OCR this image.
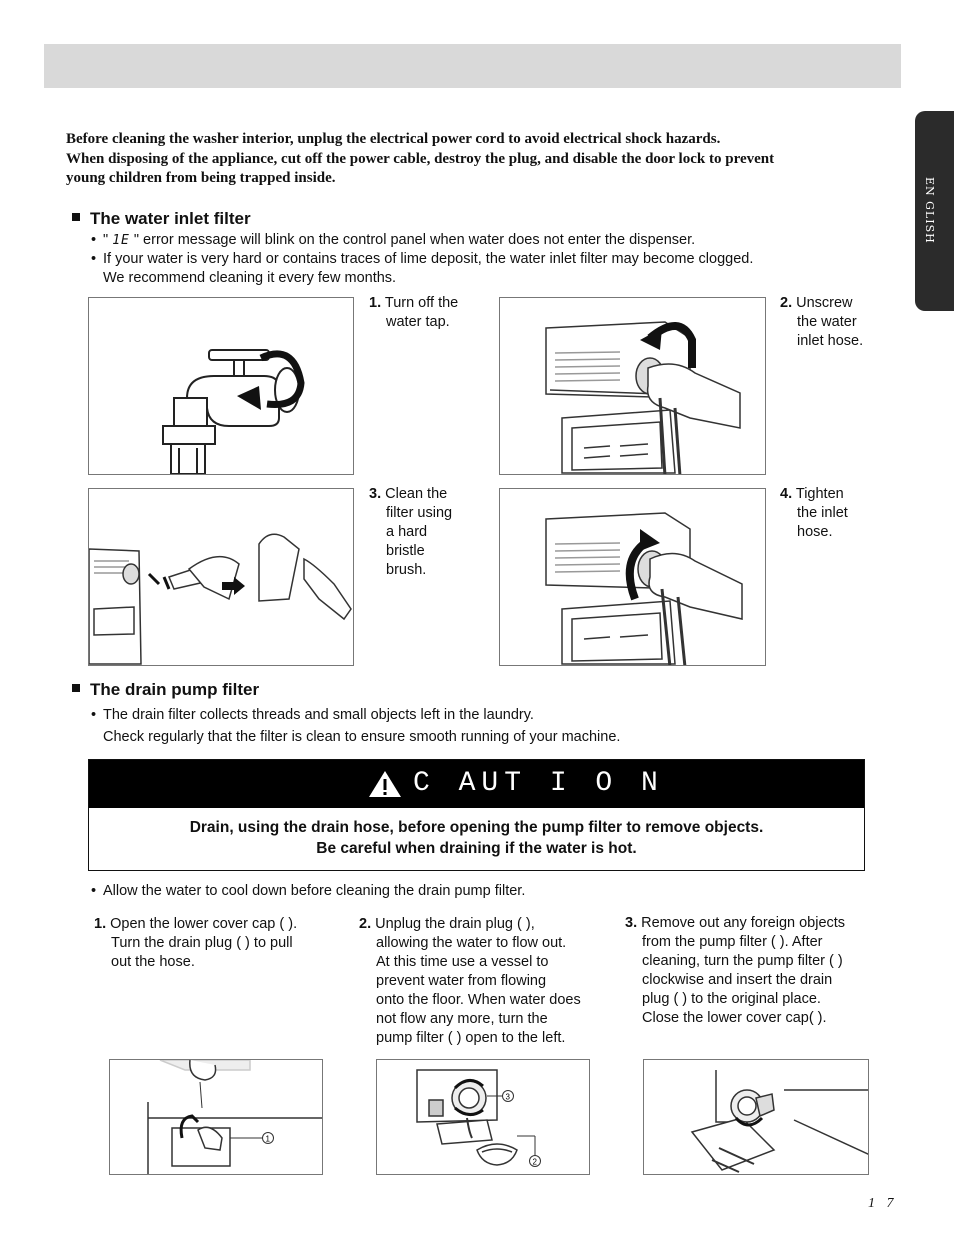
EN GLISH

Before cleaning the washer interior, unplug the electrical power cord to avoid electrical shock hazards.

When disposing of the appliance, cut off the power cable, destroy the plug, and disable the door lock to prevent

young children from being trapped inside.

The water inlet filter
• " 1E " error message will blink on the control panel when water does not enter the dispenser.
• If your water is very hard or contains traces of lime deposit, the water inlet filter may become clogged.
We recommend cleaning it every few months.
1. Turn off the
water tap.
2. Unscrew
the water
inlet hose.
3. Clean the
filter using
a hard
bristle
brush.
4. Tighten
the inlet
hose.
The drain pump filter
• The drain filter collects threads and small objects left in the laundry.
Check regularly that the filter is clean to ensure smooth running of your machine.
C AUT I O N
Drain, using the drain hose, before opening the pump filter to remove objects.
Be careful when draining if the water is hot.
• Allow the water to cool down before cleaning the drain pump filter.
1. Open the lower cover cap ( ).
Turn the drain plug ( ) to pull
out the hose.
2. Unplug the drain plug ( ),
allowing the water to flow out.
At this time use a vessel to
prevent water from flowing
onto the floor. When water does
not flow any more, turn the
pump filter ( ) open to the left.
3. Remove out any foreign objects
from the pump filter ( ). After
cleaning, turn the pump filter ( )
clockwise and insert the drain
plug ( ) to the original place.
Close the lower cover cap( ).
1
3
2
1 7
